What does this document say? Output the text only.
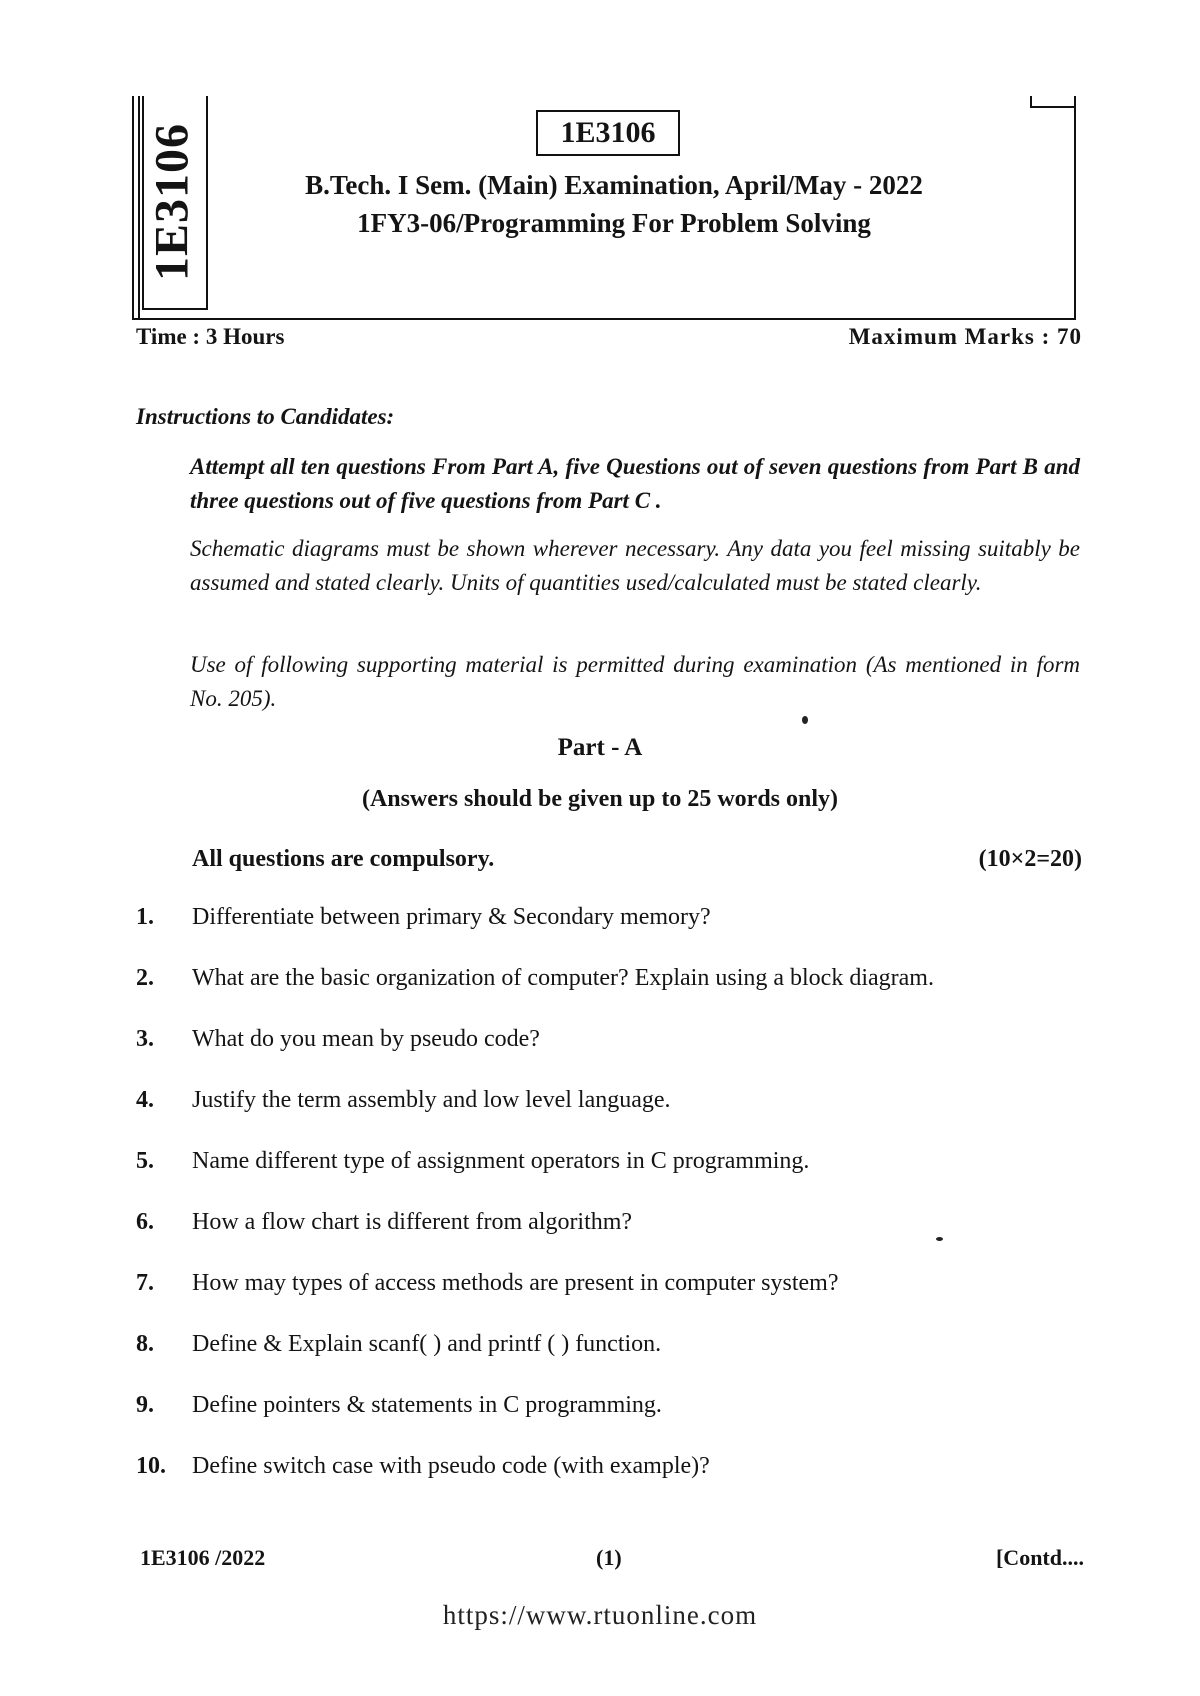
1E3106	1E3106
B.Tech. I Sem. (Main) Examination, April/May - 2022
1FY3-06/Programming For Problem Solving
Time : 3 Hours	Maximum Marks : 70
Instructions to Candidates:
Attempt all ten questions From Part A, five Questions out of seven questions from Part B and three questions out of five questions from Part C .
Schematic diagrams must be shown wherever necessary. Any data you feel missing suitably be assumed and stated clearly. Units of quantities used/calculated must be stated clearly.
Use of following supporting material is permitted during examination (As mentioned in form No. 205).
Part - A
(Answers should be given up to 25 words only)
All questions are compulsory.	(10×2=20)
1.	Differentiate between primary & Secondary memory?
2.	What are the basic organization of computer? Explain using a block diagram.
3.	What do you mean by pseudo code?
4.	Justify the term assembly and low level language.
5.	Name different type of assignment operators in C programming.
6.	How a flow chart is different from algorithm?
7.	How may types of access methods are present in computer system?
8.	Define & Explain scanf( ) and printf ( ) function.
9.	Define pointers & statements in C programming.
10.	Define switch case with pseudo code (with example)?
1E3106 /2022	(1)	[Contd....
https://www.rtuonline.com
